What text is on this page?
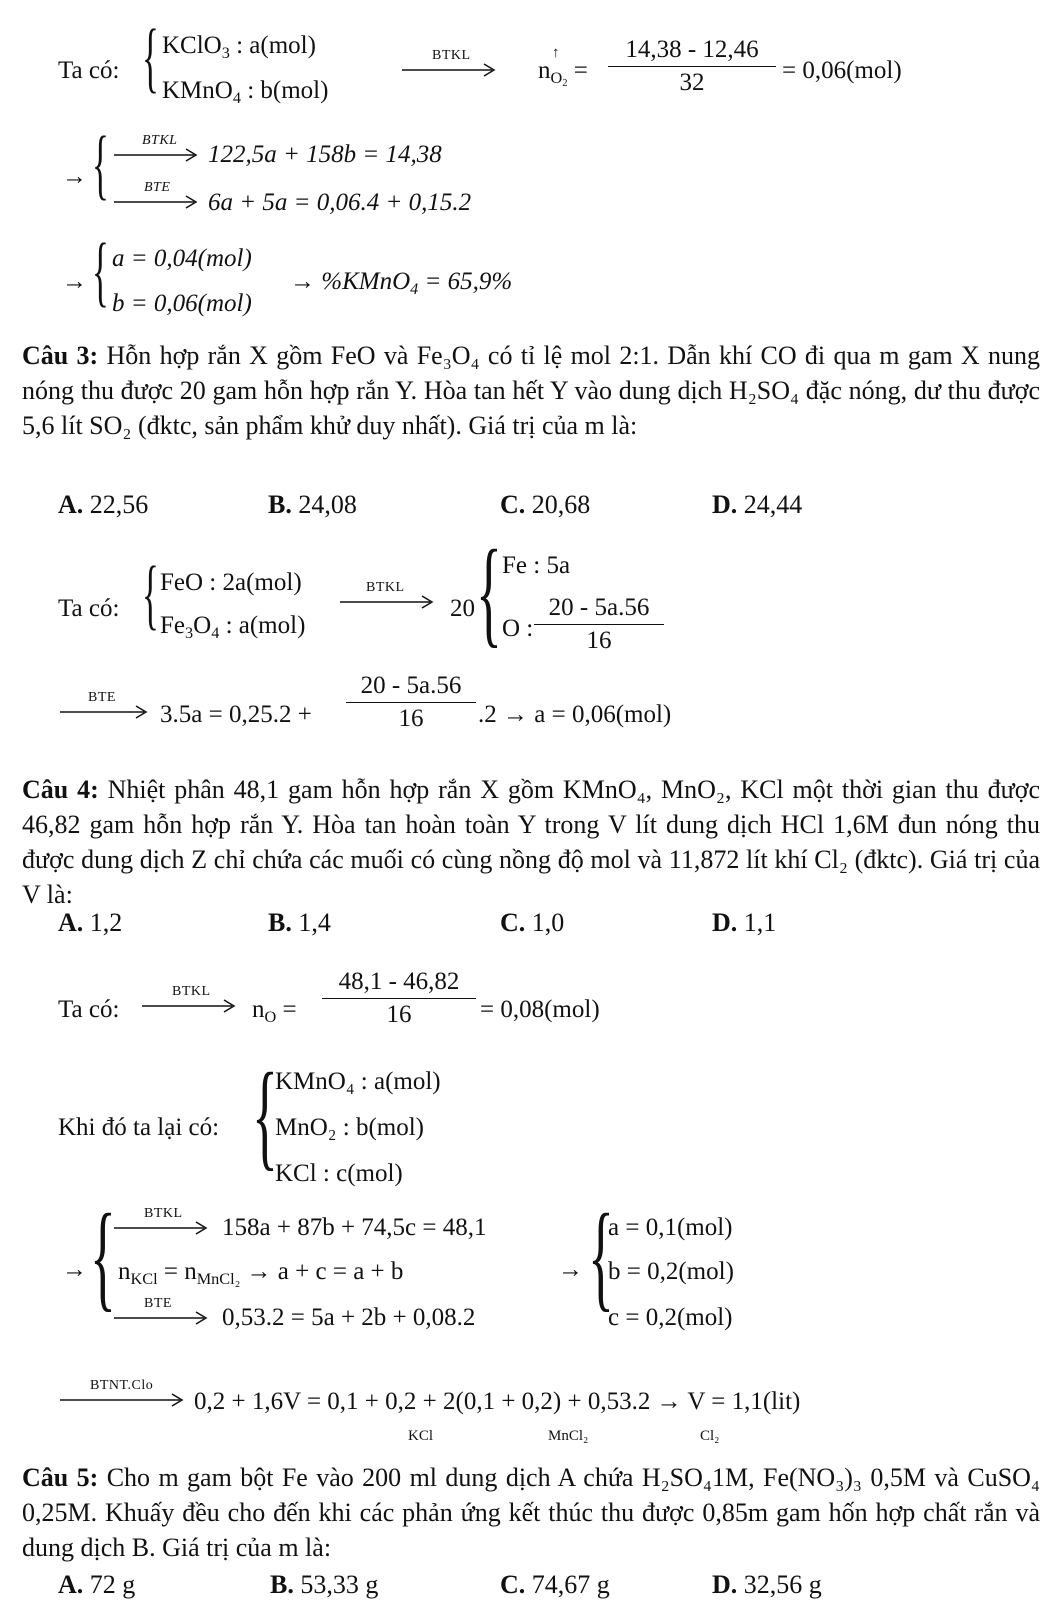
Ta có: { KClO$_3$ : a(mol)
KMnO$_4$ : b(mol)
BTKL
$n_{O_2}$
↑
=
14,38 - 12,46
32	= 0,06(mol)
→ { BTKL
122,5a + 158b = 14,38
BTE
6a + 5a = 0,06.4 + 0,15.2
→ { a = 0,04(mol)
b = 0,06(mol)
→ %KMnO$_4$ = 65,9%
Câu 3: Hỗn hợp rắn X gồm FeO và Fe₃O₄ có tỉ lệ mol 2:1. Dẫn khí CO đi qua m gam X nung nóng thu được 20 gam hỗn hợp rắn Y. Hòa tan hết Y vào dung dịch H₂SO₄ đặc nóng, dư thu được 5,6 lít SO₂ (đktc, sản phẩm khử duy nhất). Giá trị của m là:
A. 22,56	B. 24,08	C. 20,68	D. 24,44
Ta có: { FeO : 2a(mol)
$Fe_3O_4$ : a(mol)
BTKL
20 { Fe : 5a
O :
20 - 5a.56
16
BTE
3.5a = 0,25.2 +
20 - 5a.56
16	.2 → a = 0,06(mol)
Câu 4: Nhiệt phân 48,1 gam hỗn hợp rắn X gồm KMnO₄, MnO₂, KCl một thời gian thu được 46,82 gam hỗn hợp rắn Y. Hòa tan hoàn toàn Y trong V lít dung dịch HCl 1,6M đun nóng thu được dung dịch Z chỉ chứa các muối có cùng nồng độ mol và 11,872 lít khí Cl₂ (đktc). Giá trị của V là:
A. 1,2	B. 1,4	C. 1,0	D. 1,1
Ta có:
BTKL
$n_O$ =
48,1 - 46,82
16	= 0,08(mol)
Khi đó ta lại có: {
KMnO₄ : a(mol)
MnO₂ : b(mol)
KCl : c(mol)
→ { BTKL
158a + 87b + 74,5c = 48,1
$n_{KCl} = n_{MnCl_2} \to a + c = a + b$
BTE
0,53.2 = 5a + 2b + 0,08.2
→ {
a = 0,1(mol)
b = 0,2(mol)
c = 0,2(mol)
BTNT.Clo
0,2 + 1,6V = 0,1 + 0,2 + 2(0,1 + 0,2) + 0,53.2 → V = 1,1(lit)
KCl	MnCl₂	Cl₂
Câu 5: Cho m gam bột Fe vào 200 ml dung dịch A chứa H₂SO₄1M, Fe(NO₃)₃ 0,5M và CuSO₄ 0,25M. Khuấy đều cho đến khi các phản ứng kết thúc thu được 0,85m gam hốn hợp chất rắn và dung dịch B. Giá trị của m là:
A. 72 g	B. 53,33 g	C. 74,67 g	D. 32,56 g
